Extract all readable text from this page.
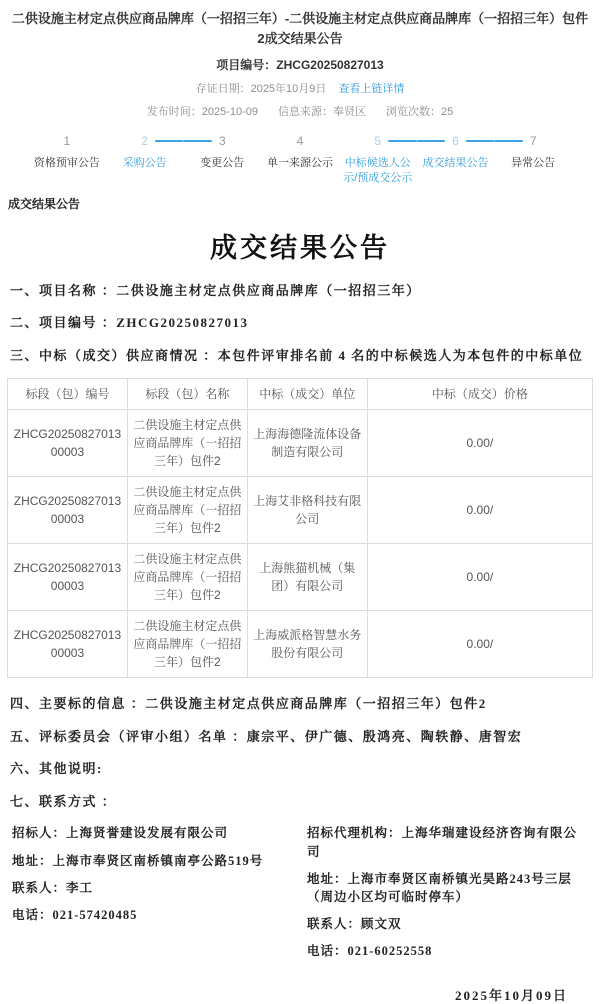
二供设施主材定点供应商品牌库（一招招三年）-二供设施主材定点供应商品牌库（一招招三年）包件2成交结果公告
项目编号：ZHCG20250827013
存证日期：2025年10月9日 查看上链详情
发布时间：2025-10-09 信息来源：奉贤区 浏览次数：25
1
资格预审公告
2
采购公告
3
变更公告
4
单一来源公示
5
中标候选人公示/预成交公示
6
成交结果公告
7
异常公告
成交结果公告
成交结果公告

一、项目名称 ：二供设施主材定点供应商品牌库（一招招三年）

二、项目编号 ：ZHCG20250827013

三、中标（成交）供应商情况 ：本包件评审排名前 4 名的中标候选人为本包件的中标单位

标段（包）编号	标段（包）名称	中标（成交）单位	中标（成交）价格
ZHCG2025082701300003	二供设施主材定点供应商品牌库（一招招三年）包件2	上海海德隆流体设备制造有限公司	0.00/
ZHCG2025082701300003	二供设施主材定点供应商品牌库（一招招三年）包件2	上海艾非格科技有限公司	0.00/
ZHCG2025082701300003	二供设施主材定点供应商品牌库（一招招三年）包件2	上海熊猫机械（集团）有限公司	0.00/
ZHCG2025082701300003	二供设施主材定点供应商品牌库（一招招三年）包件2	上海威派格智慧水务股份有限公司	0.00/

四、主要标的信息 ：二供设施主材定点供应商品牌库（一招招三年）包件2

五、评标委员会（评审小组）名单 ：康宗平、伊广德、殷鸿亮、陶轶静、唐智宏

六、其他说明:

七、联系方式 ：

招标人：上海贤誉建设发展有限公司

地址：上海市奉贤区南桥镇南亭公路519号

联系人：李工

电话：021-57420485

招标代理机构：上海华瑞建设经济咨询有限公司

地址：上海市奉贤区南桥镇光昊路243号三层（周边小区均可临时停车）

联系人：顾文双

电话：021-60252558

2025年10月09日
